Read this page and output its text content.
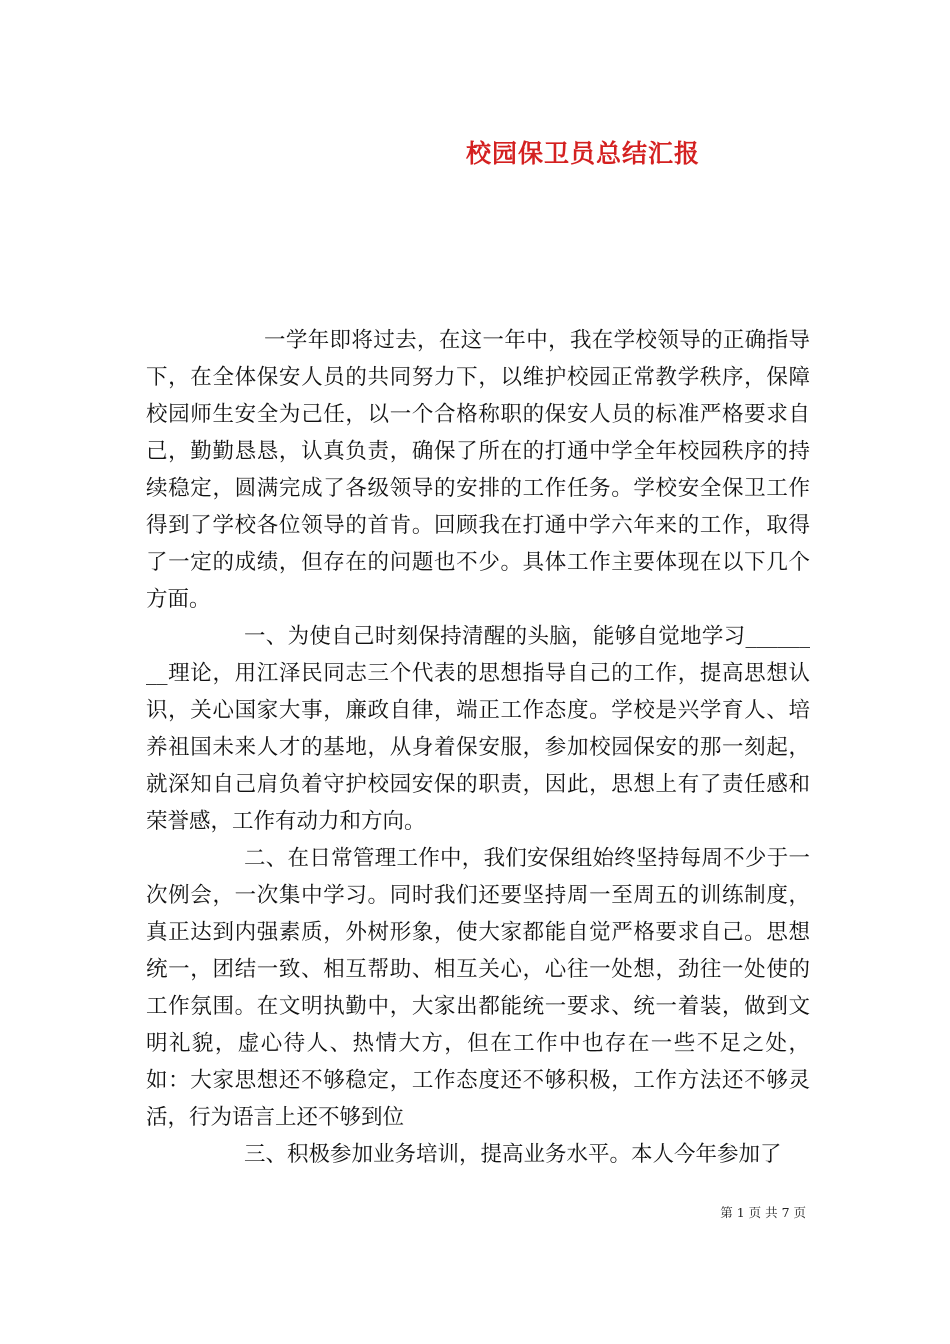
校园保卫员总结汇报

一学年即将过去，在这一年中，我在学校领导的正确指导下，在全体保安人员的共同努力下，以维护校园正常教学秩序，保障校园师生安全为己任，以一个合格称职的保安人员的标准严格要求自己，勤勤恳恳，认真负责，确保了所在的打通中学全年校园秩序的持续稳定，圆满完成了各级领导的安排的工作任务。学校安全保卫工作得到了学校各位领导的首肯。回顾我在打通中学六年来的工作，取得了一定的成绩，但存在的问题也不少。具体工作主要体现在以下几个方面。

一、为使自己时刻保持清醒的头脑，能够自觉地学习________理论，用江泽民同志三个代表的思想指导自己的工作，提高思想认识，关心国家大事，廉政自律，端正工作态度。学校是兴学育人、培养祖国未来人才的基地，从身着保安服，参加校园保安的那一刻起，就深知自己肩负着守护校园安保的职责，因此，思想上有了责任感和荣誉感，工作有动力和方向。

二、在日常管理工作中，我们安保组始终坚持每周不少于一次例会，一次集中学习。同时我们还要坚持周一至周五的训练制度，真正达到内强素质，外树形象，使大家都能自觉严格要求自己。思想统一，团结一致、相互帮助、相互关心，心往一处想，劲往一处使的工作氛围。在文明执勤中，大家出都能统一要求、统一着装，做到文明礼貌，虚心待人、热情大方，但在工作中也存在一些不足之处，如：大家思想还不够稳定，工作态度还不够积极，工作方法还不够灵活，行为语言上还不够到位

三、积极参加业务培训，提高业务水平。本人今年参加了

第 1 页 共 7 页
